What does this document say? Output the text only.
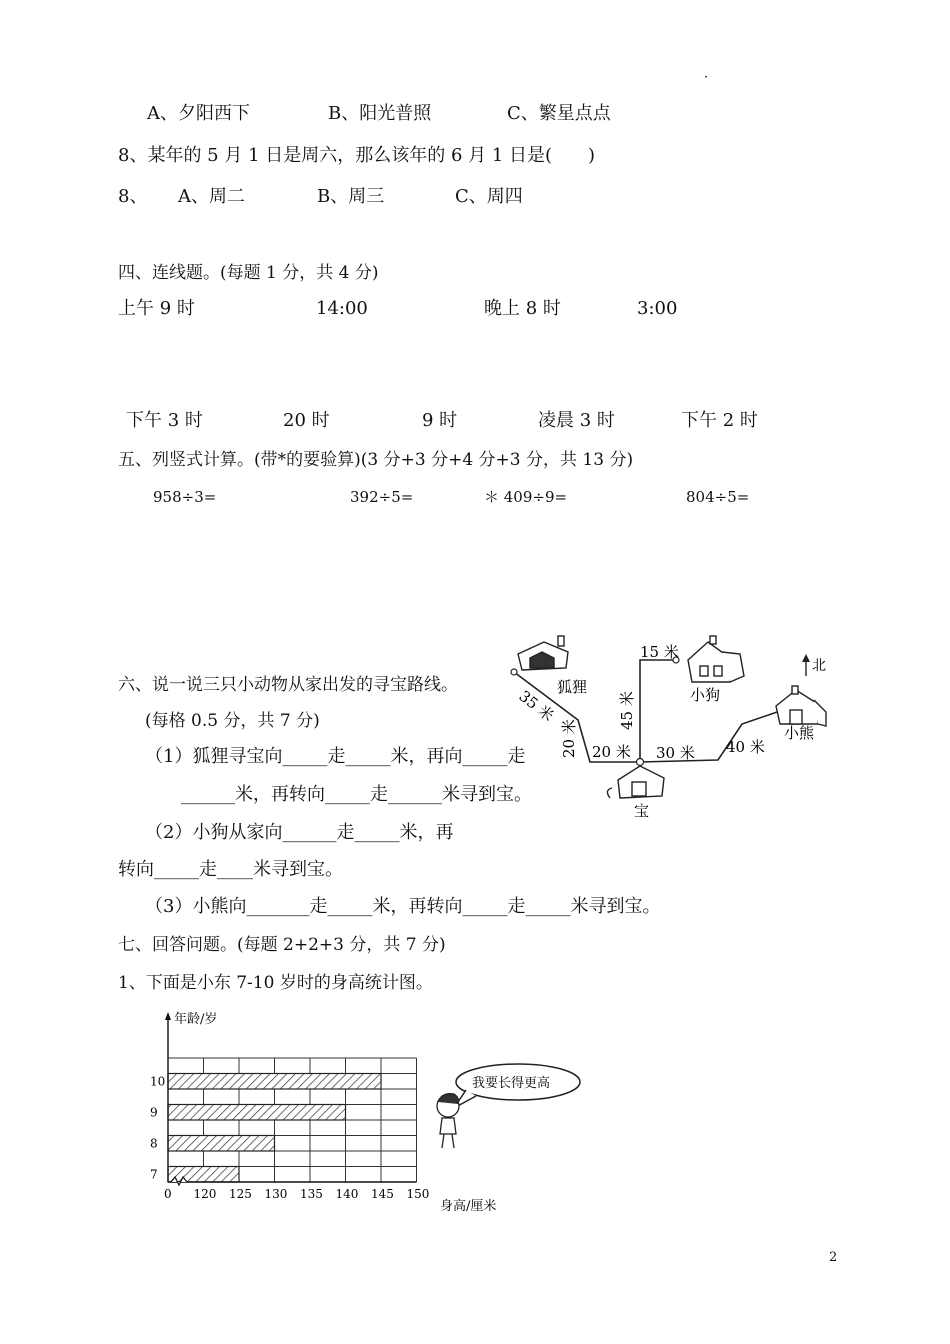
·
A、夕阳西下	B、阳光普照	C、繁星点点
8、某年的 5 月 1 日是周六，那么该年的 6 月 1 日是(　　)
8、 A、周二	B、周三	C、周四
四、连线题。(每题 1 分，共 4 分)
上午 9 时	14:00	晚上 8 时	3:00
下午 3 时	20 时	9 时	凌晨 3 时	下午 2 时
五、列竖式计算。(带*的要验算)(3 分+3 分+4 分+3 分，共 13 分)
958÷3=	392÷5=	＊ 409÷9=	804÷5=
六、说一说三只小动物从家出发的寻宝路线。
(每格 0.5 分，共 7 分)
（1）狐狸寻宝向_____走_____米，再向_____走
______米，再转向_____走______米寻到宝。
（2）小狗从家向______走_____米，再
转向_____走____米寻到宝。
（3）小熊向_______走_____米，再转向_____走_____米寻到宝。
北
狐狸	小狗
小熊
宝
35 米
20 米 20 米
15 米
45 米
30 米 40 米
七、回答问题。(每题 2+2+3 分，共 7 分)
1、下面是小东 7-10 岁时的身高统计图。
7
8
9
10
0 120 125 130 135 140 145 150
年龄/岁
身高/厘米
我要长得更高
2
